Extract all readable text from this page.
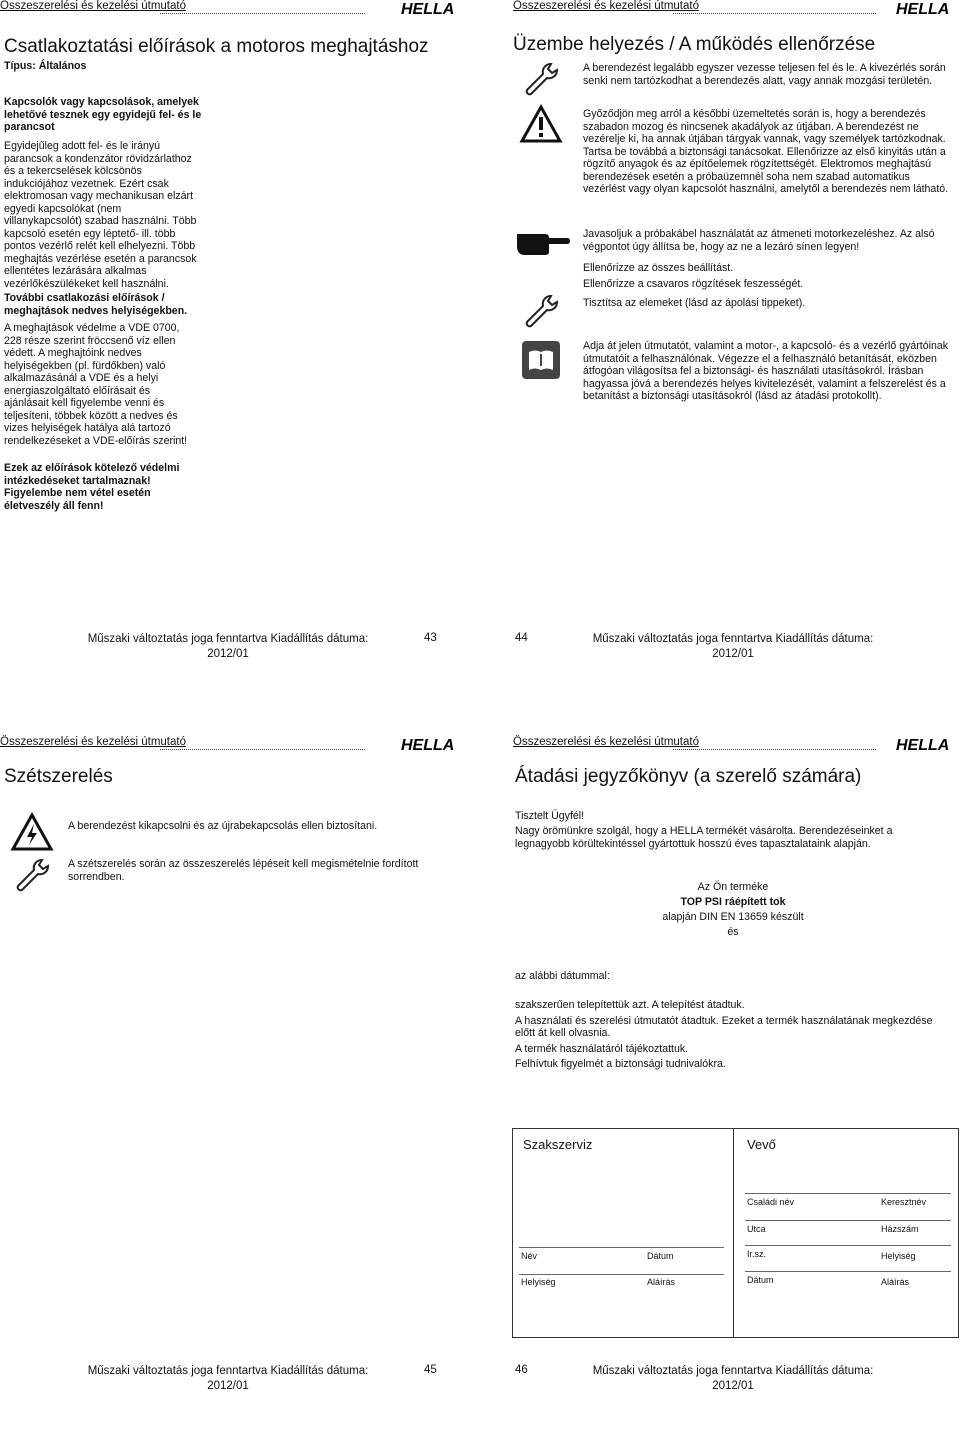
Összeszerelési és kezelési útmutató	HELLA
Csatlakoztatási előírások a motoros meghajtáshoz
Típus: Általános
Kapcsolók vagy kapcsolások, amelyek lehetővé tesznek egy egyidejű fel- és le parancsot
Egyidejűleg adott fel- és le irányú parancsok a kondenzátor rövidzárlathoz és a tekercselések kölcsönös indukciójához vezetnek. Ezért csak elektromosan vagy mechanikusan elzárt egyedi kapcsolókat (nem villanykapcsolót) szabad használni. Több kapcsoló esetén egy léptető- ill. több pontos vezérlő relét kell elhelyezni. Több meghajtás vezérlése esetén a parancsok ellentétes lezárására alkalmas vezérlőkészülékeket kell használni.
További csatlakozási előírások / meghajtások nedves helyiségekben.
A meghajtások védelme a VDE 0700, 228 része szerint fröccsenő víz ellen védett. A meghajtóink nedves helyiségekben (pl. fürdőkben) való alkalmazásánál a VDE és a helyi energiaszolgáltató előírásait és ajánlásait kell figyelembe venni és teljesíteni, többek között a nedves és vizes helyiségek hatálya alá tartozó rendelkezéseket a VDE-előírás szerint!
Ezek az előírások kötelező védelmi intézkedéseket tartalmaznak! Figyelembe nem vétel esetén életveszély áll fenn!
Műszaki változtatás joga fenntartva Kiadállítás dátuma:
2012/01
43
Összeszerelési és kezelési útmutató	HELLA
Üzembe helyezés / A működés ellenőrzése
A berendezést legalább egyszer vezesse teljesen fel és le. A kivezérlés során senki nem tartózkodhat a berendezés alatt, vagy annak mozgási területén.
Győződjön meg arról a későbbi üzemeltetés során is, hogy a berendezés szabadon mozog és nincsenek akadályok az útjában. A berendezést ne vezérelje ki, ha annak útjában tárgyak vannak, vagy személyek tartózkodnak. Tartsa be továbbá a biztonsági tanácsokat. Ellenőrizze az első kinyitás után a rögzítő anyagok és az építőelemek rögzítettségét. Elektromos meghajtású berendezések esetén a próbaüzemnél soha nem szabad automatikus vezérlést vagy olyan kapcsolót használni, amelytől a berendezés nem látható.
Javasoljuk a próbakábel használatát az átmeneti motorkezeléshez. Az alsó végpontot úgy állítsa be, hogy az ne a lezáró sínen legyen!
Ellenőrizze az összes beállítást.
Ellenőrizze a csavaros rögzítések feszességét.
Tisztítsa az elemeket (lásd az ápolási tippeket).
Adja át jelen útmutatót, valamint a motor-, a kapcsoló- és a vezérlő gyártóinak útmutatóit a felhasználónak. Végezze el a felhasználó betanítását, eközben átfogóan világosítsa fel a biztonsági- és használati utasításokról. Írásban hagyassa jóvá a berendezés helyes kivitelezését, valamint a felszerelést és a betanítást a biztonsági utasításokról (lásd az átadási protokollt).
44	Műszaki változtatás joga fenntartva Kiadállítás dátuma:
2012/01
Összeszerelési és kezelési útmutató	HELLA
Szétszerelés
A berendezést kikapcsolni és az újrabekapcsolás ellen biztosítani.
A szétszerelés során az összeszerelés lépéseit kell megismételnie fordított sorrendben.
Műszaki változtatás joga fenntartva Kiadállítás dátuma:
2012/01
45
Összeszerelési és kezelési útmutató	HELLA
Átadási jegyzőkönyv (a szerelő számára)
Tisztelt Ügyfél!
Nagy örömünkre szolgál, hogy a HELLA termékét vásárolta. Berendezéseinket a legnagyobb körültekintéssel gyártottuk hosszú éves tapasztalataink alapján.
Az Ön terméke
TOP PSI ráépített tok
alapján DIN EN 13659 készült
és
az alábbi dátummal:
szakszerűen telepítettük azt. A telepítést átadtuk.
A használati és szerelési útmutatót átadtuk. Ezeket a termék használatának megkezdése előtt át kell olvasnia.
A termék használatáról tájékoztattuk.
Felhívtuk figyelmét a biztonsági tudnivalókra.
Szakszerviz	Vevő
Név	Dátum
Helyiség	Aláírás
Családi név	Keresztnév
Utca	Házszám
Ir.sz.	Helyiség
Dátum	Aláírás
46	Műszaki változtatás joga fenntartva Kiadállítás dátuma:
2012/01
